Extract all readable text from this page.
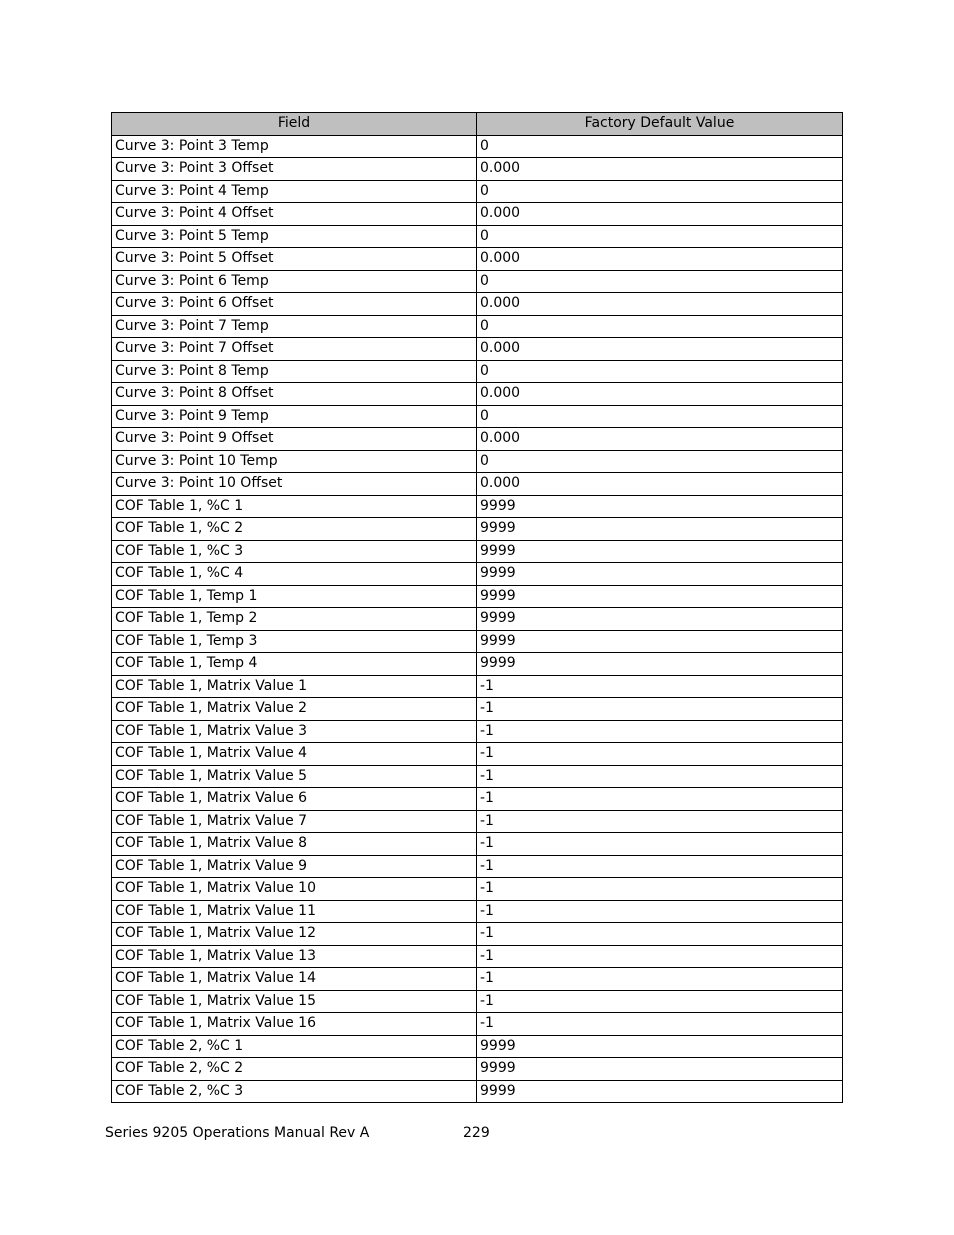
Field	Factory Default Value
Curve 3: Point 3 Temp	0
Curve 3: Point 3 Offset	0.000
Curve 3: Point 4 Temp	0
Curve 3: Point 4 Offset	0.000
Curve 3: Point 5 Temp	0
Curve 3: Point 5 Offset	0.000
Curve 3: Point 6 Temp	0
Curve 3: Point 6 Offset	0.000
Curve 3: Point 7 Temp	0
Curve 3: Point 7 Offset	0.000
Curve 3: Point 8 Temp	0
Curve 3: Point 8 Offset	0.000
Curve 3: Point 9 Temp	0
Curve 3: Point 9 Offset	0.000
Curve 3: Point 10 Temp	0
Curve 3: Point 10 Offset	0.000
COF Table 1, %C 1	9999
COF Table 1, %C 2	9999
COF Table 1, %C 3	9999
COF Table 1, %C 4	9999
COF Table 1, Temp 1	9999
COF Table 1, Temp 2	9999
COF Table 1, Temp 3	9999
COF Table 1, Temp 4	9999
COF Table 1, Matrix Value 1	-1
COF Table 1, Matrix Value 2	-1
COF Table 1, Matrix Value 3	-1
COF Table 1, Matrix Value 4	-1
COF Table 1, Matrix Value 5	-1
COF Table 1, Matrix Value 6	-1
COF Table 1, Matrix Value 7	-1
COF Table 1, Matrix Value 8	-1
COF Table 1, Matrix Value 9	-1
COF Table 1, Matrix Value 10	-1
COF Table 1, Matrix Value 11	-1
COF Table 1, Matrix Value 12	-1
COF Table 1, Matrix Value 13	-1
COF Table 1, Matrix Value 14	-1
COF Table 1, Matrix Value 15	-1
COF Table 1, Matrix Value 16	-1
COF Table 2, %C 1	9999
COF Table 2, %C 2	9999
COF Table 2, %C 3	9999
Series 9205 Operations Manual Rev A	229
